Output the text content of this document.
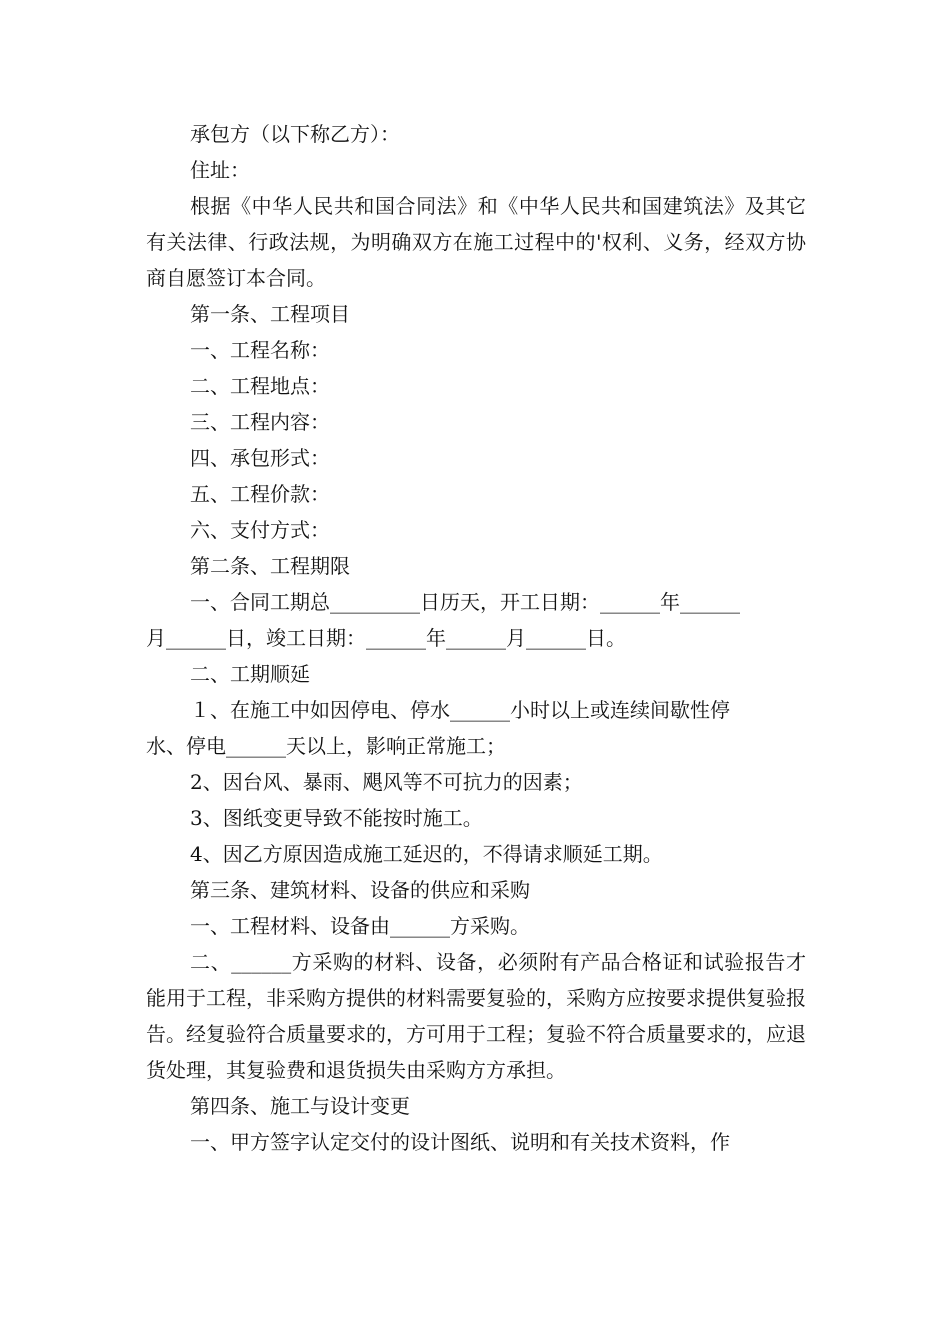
承包方（以下称乙方）：

住址：

根据《中华人民共和国合同法》和《中华人民共和国建筑法》及其它有关法律、行政法规，为明确双方在施工过程中的'权利、义务，经双方协商自愿签订本合同。

第一条、工程项目

一、工程名称：

二、工程地点：

三、工程内容：

四、承包形式：

五、工程价款：

六、支付方式：

第二条、工程期限

一、合同工期总_________日历天，开工日期：______年______

月______日，竣工日期：______年______月______日。

二、工期顺延

１、在施工中如因停电、停水______小时以上或连续间歇性停

水、停电______天以上，影响正常施工；

2、因台风、暴雨、飓风等不可抗力的因素；

3、图纸变更导致不能按时施工。

4、因乙方原因造成施工延迟的，不得请求顺延工期。

第三条、建筑材料、设备的供应和采购

一、工程材料、设备由______方采购。

二、______方采购的材料、设备，必须附有产品合格证和试验报告才能用于工程，非采购方提供的材料需要复验的，采购方应按要求提供复验报告。经复验符合质量要求的，方可用于工程；复验不符合质量要求的，应退货处理，其复验费和退货损失由采购方方承担。

第四条、施工与设计变更

一、甲方签字认定交付的设计图纸、说明和有关技术资料，作
